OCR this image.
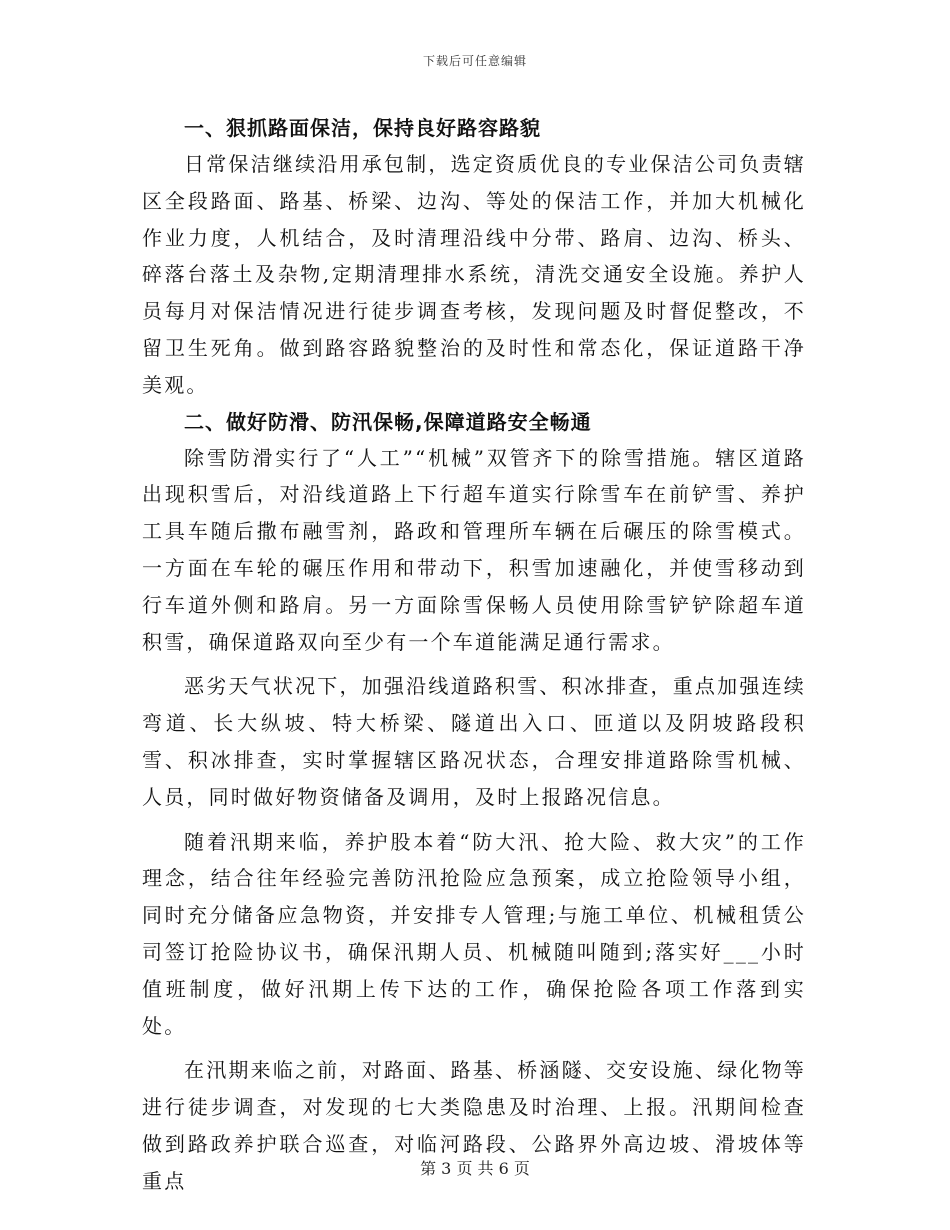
下载后可任意编辑
一、狠抓路面保洁，保持良好路容路貌

日常保洁继续沿用承包制，选定资质优良的专业保洁公司负责辖区全段路面、路基、桥梁、边沟、等处的保洁工作，并加大机械化作业力度，人机结合，及时清理沿线中分带、路肩、边沟、桥头、碎落台落土及杂物,定期清理排水系统，清洗交通安全设施。养护人员每月对保洁情况进行徒步调查考核，发现问题及时督促整改，不留卫生死角。做到路容路貌整治的及时性和常态化，保证道路干净美观。

二、做好防滑、防汛保畅,保障道路安全畅通

除雪防滑实行了“人工”“机械”双管齐下的除雪措施。辖区道路出现积雪后，对沿线道路上下行超车道实行除雪车在前铲雪、养护工具车随后撒布融雪剂，路政和管理所车辆在后碾压的除雪模式。一方面在车轮的碾压作用和带动下，积雪加速融化，并使雪移动到行车道外侧和路肩。另一方面除雪保畅人员使用除雪铲铲除超车道积雪，确保道路双向至少有一个车道能满足通行需求。

恶劣天气状况下，加强沿线道路积雪、积冰排查，重点加强连续弯道、长大纵坡、特大桥梁、隧道出入口、匝道以及阴坡路段积雪、积冰排查，实时掌握辖区路况状态，合理安排道路除雪机械、人员，同时做好物资储备及调用，及时上报路况信息。

随着汛期来临，养护股本着“防大汛、抢大险、救大灾”的工作理念，结合往年经验完善防汛抢险应急预案，成立抢险领导小组，同时充分储备应急物资，并安排专人管理;与施工单位、机械租赁公司签订抢险协议书，确保汛期人员、机械随叫随到;落实好___小时值班制度，做好汛期上传下达的工作，确保抢险各项工作落到实处。

在汛期来临之前，对路面、路基、桥涵隧、交安设施、绿化物等进行徒步调查，对发现的七大类隐患及时治理、上报。汛期间检查做到路政养护联合巡查，对临河路段、公路界外高边坡、滑坡体等重点

第 3 页 共 6 页
